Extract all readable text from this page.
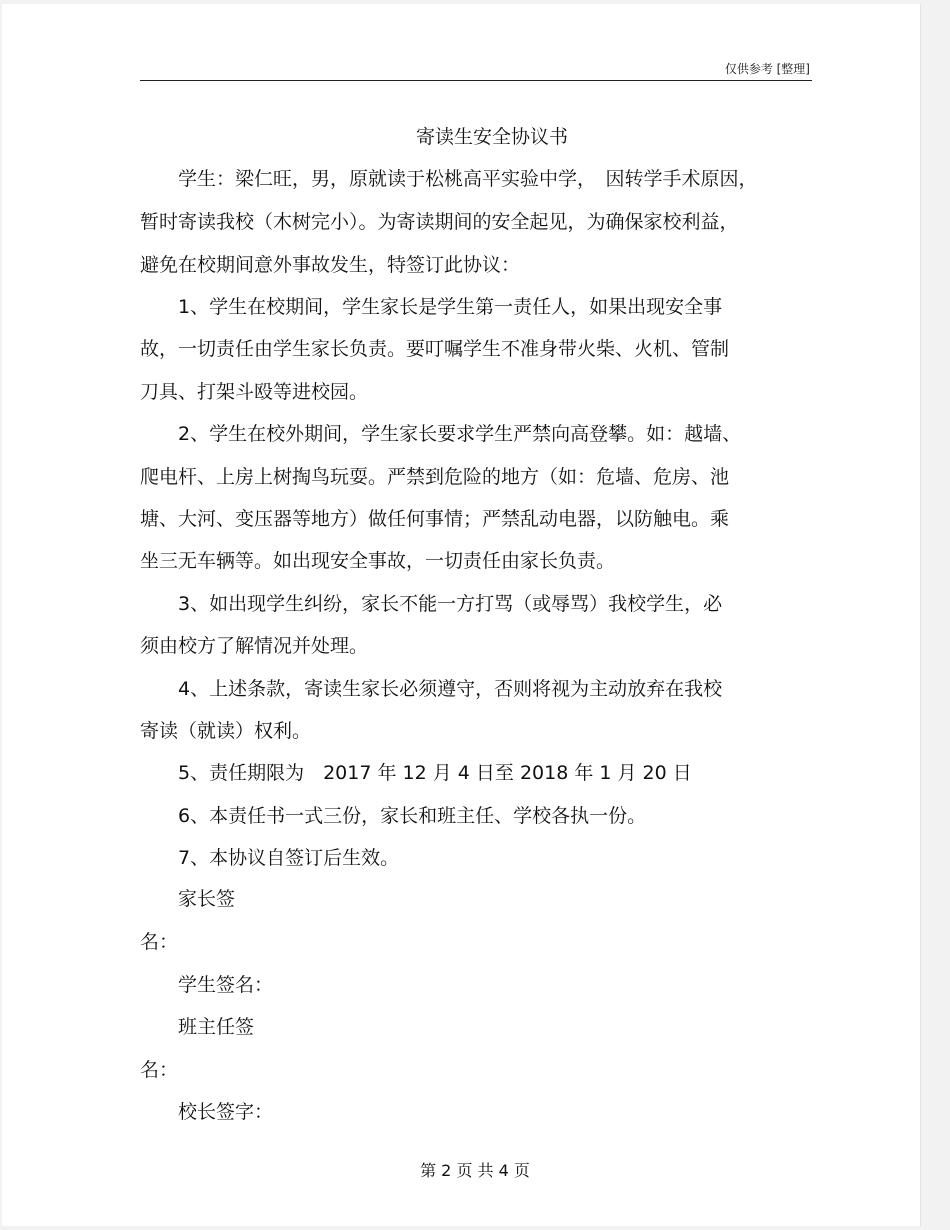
仅供参考 [整理]
寄读生安全协议书
　　学生：梁仁旺，男，原就读于松桃高平实验中学，　因转学手术原因，
暂时寄读我校（木树完小）。为寄读期间的安全起见，为确保家校利益，
避免在校期间意外事故发生，特签订此协议：
　　1、学生在校期间，学生家长是学生第一责任人，如果出现安全事
故，一切责任由学生家长负责。要叮嘱学生不准身带火柴、火机、管制
刀具、打架斗殴等进校园。
　　2、学生在校外期间，学生家长要求学生严禁向高登攀。如：越墙、
爬电杆、上房上树掏鸟玩耍。严禁到危险的地方（如：危墙、危房、池
塘、大河、变压器等地方）做任何事情；严禁乱动电器，以防触电。乘
坐三无车辆等。如出现安全事故，一切责任由家长负责。
　　3、如出现学生纠纷，家长不能一方打骂（或辱骂）我校学生，必
须由校方了解情况并处理。
　　4、上述条款，寄读生家长必须遵守，否则将视为主动放弃在我校
寄读（就读）权利。
　　5、责任期限为　2017 年 12 月 4 日至 2018 年 1 月 20 日
　　6、本责任书一式三份，家长和班主任、学校各执一份。
　　7、本协议自签订后生效。
　　家长签
名：
　　学生签名：
　　班主任签
名：
　　校长签字：
第 2 页 共 4 页
